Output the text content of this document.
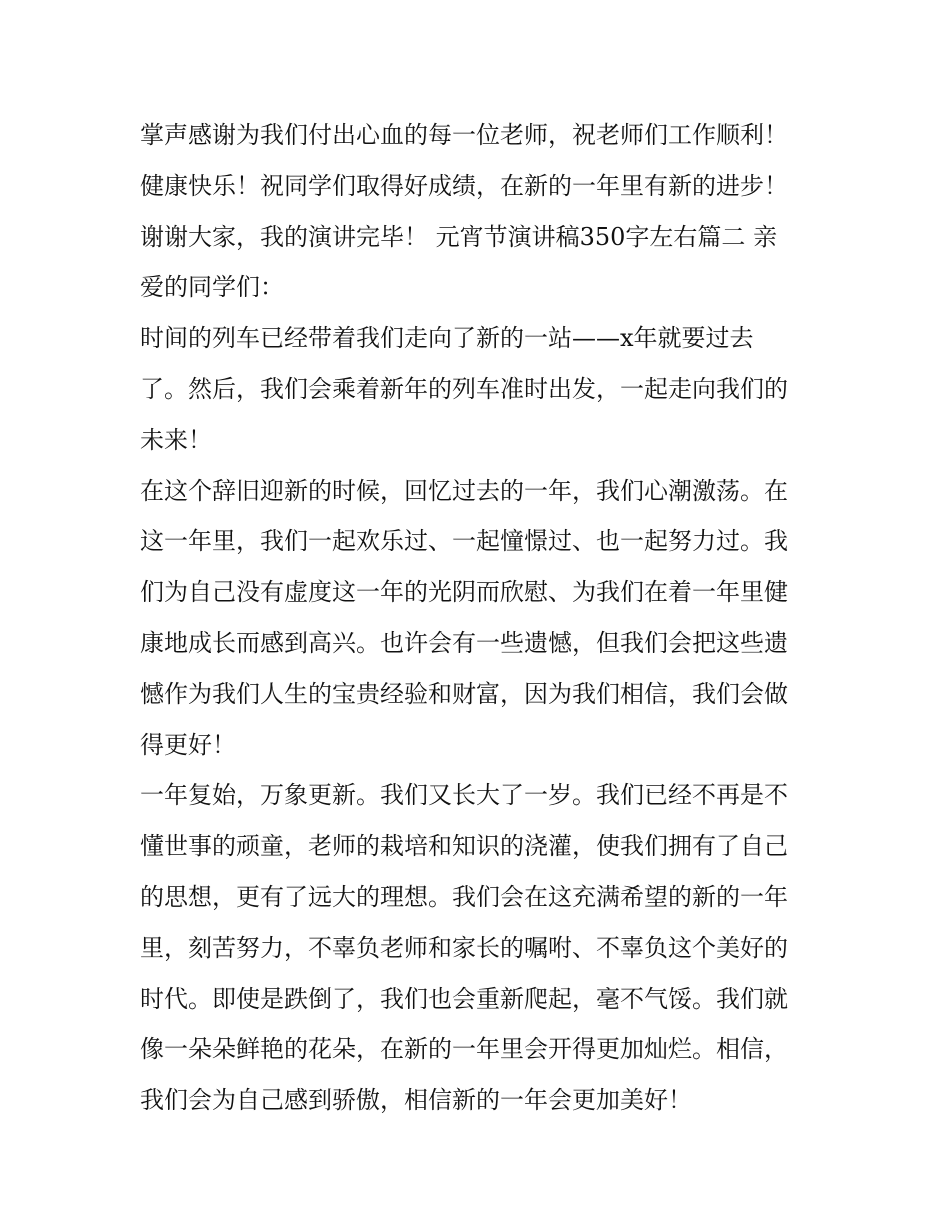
掌声感谢为我们付出心血的每一位老师，祝老师们工作顺利！
健康快乐！祝同学们取得好成绩，在新的一年里有新的进步！
谢谢大家，我的演讲完毕！ 元宵节演讲稿350字左右篇二 亲
爱的同学们：
时间的列车已经带着我们走向了新的一站——x年就要过去
了。然后，我们会乘着新年的列车准时出发，一起走向我们的
未来！
在这个辞旧迎新的时候，回忆过去的一年，我们心潮激荡。在
这一年里，我们一起欢乐过、一起憧憬过、也一起努力过。我
们为自己没有虚度这一年的光阴而欣慰、为我们在着一年里健
康地成长而感到高兴。也许会有一些遗憾，但我们会把这些遗
憾作为我们人生的宝贵经验和财富，因为我们相信，我们会做
得更好！
一年复始，万象更新。我们又长大了一岁。我们已经不再是不
懂世事的顽童，老师的栽培和知识的浇灌，使我们拥有了自己
的思想，更有了远大的理想。我们会在这充满希望的新的一年
里，刻苦努力，不辜负老师和家长的嘱咐、不辜负这个美好的
时代。即使是跌倒了，我们也会重新爬起，毫不气馁。我们就
像一朵朵鲜艳的花朵，在新的一年里会开得更加灿烂。相信，
我们会为自己感到骄傲，相信新的一年会更加美好！
